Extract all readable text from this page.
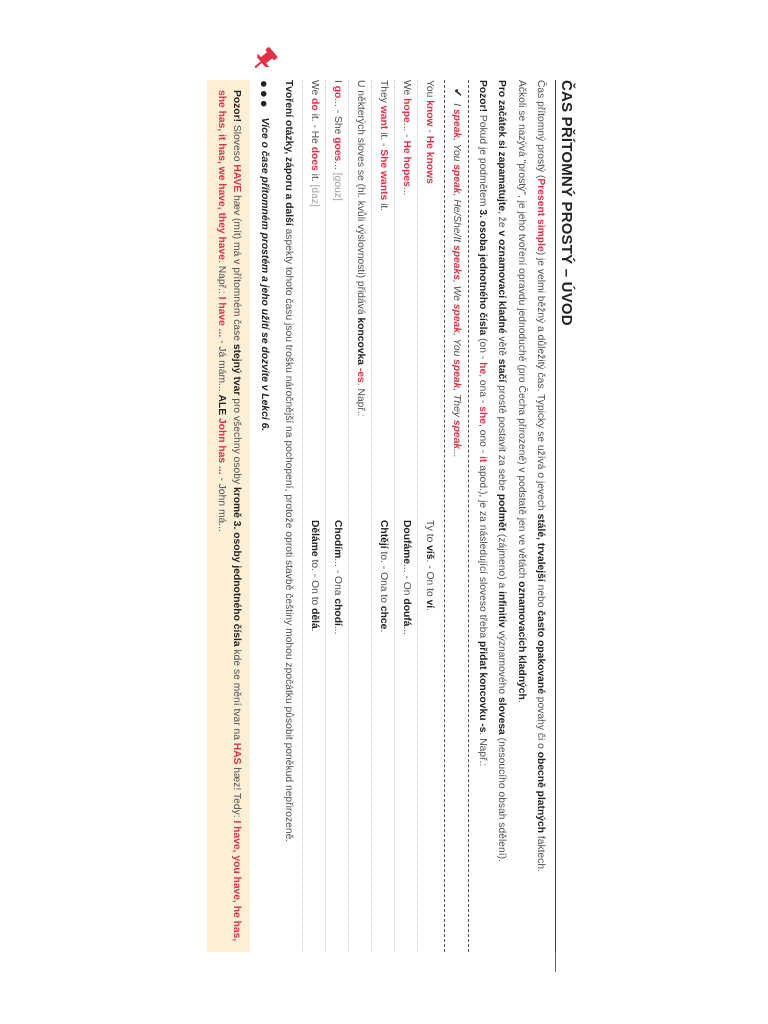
ČAS PŘÍTOMNÝ PROSTÝ – ÚVOD

Čas přítomný prostý (Present simple) je velmi běžný a důležitý čas. Typicky se užívá o jevech stálé, trvalejší nebo často opakované povahy či o obecně platných faktech.

Ačkoli se nazývá "prostý", je jeho tvoření opravdu jednoduché (pro Čecha přirozené) v podstatě jen ve větách oznamovacích kladných.

Pro začátek si zapamatujte, že v oznamovací kladné větě stačí prostě postavit za sebe podmět (zájmeno) a infinitiv významového slovesa (nesoucího obsah sdělení).

Pozor! Pokud je podmětem 3. osoba jednotného čísla (on - he, ona - she, ono - it apod.), je za následující sloveso třeba přidat koncovku -s. Např.:

✔I speak, You speak, He/She/It speaks, We speak, You speak, They speak...
You know - He knows
Ty to víš. - On to ví.
We hope... - He hopes...
Doufáme... - On doufá...
They want it. - She wants it.
Chtějí to. - Ona to chce.
U některých sloves se (hl. kvůli výslovnosti) přidává koncovka -es. Např.:
I go... - She goes... [gouz]
Chodím... - Ona chodí...
We do it. - He does it. [daz]
Děláme to. - On to dělá.

Tvoření otázky, záporu a další aspekty tohoto času jsou trošku náročnější na pochopení, protože oproti stavbě češtiny mohou zpočátku působit poněkud nepřirozeně.

●●●
Více o čase přítomném prostém a jeho užití se dozvíte v Lekci 6.
Pozor! Sloveso HAVE hæv (mít) má v přítomném čase stejný tvar pro všechny osoby kromě 3. osoby jednotného čísla kde se mění tvar na HAS hæz! Tedy: I have, you have, he has, she has, it has, we have, they have. Např.: I have ... - Já mám... ALE John has ... - John má...
